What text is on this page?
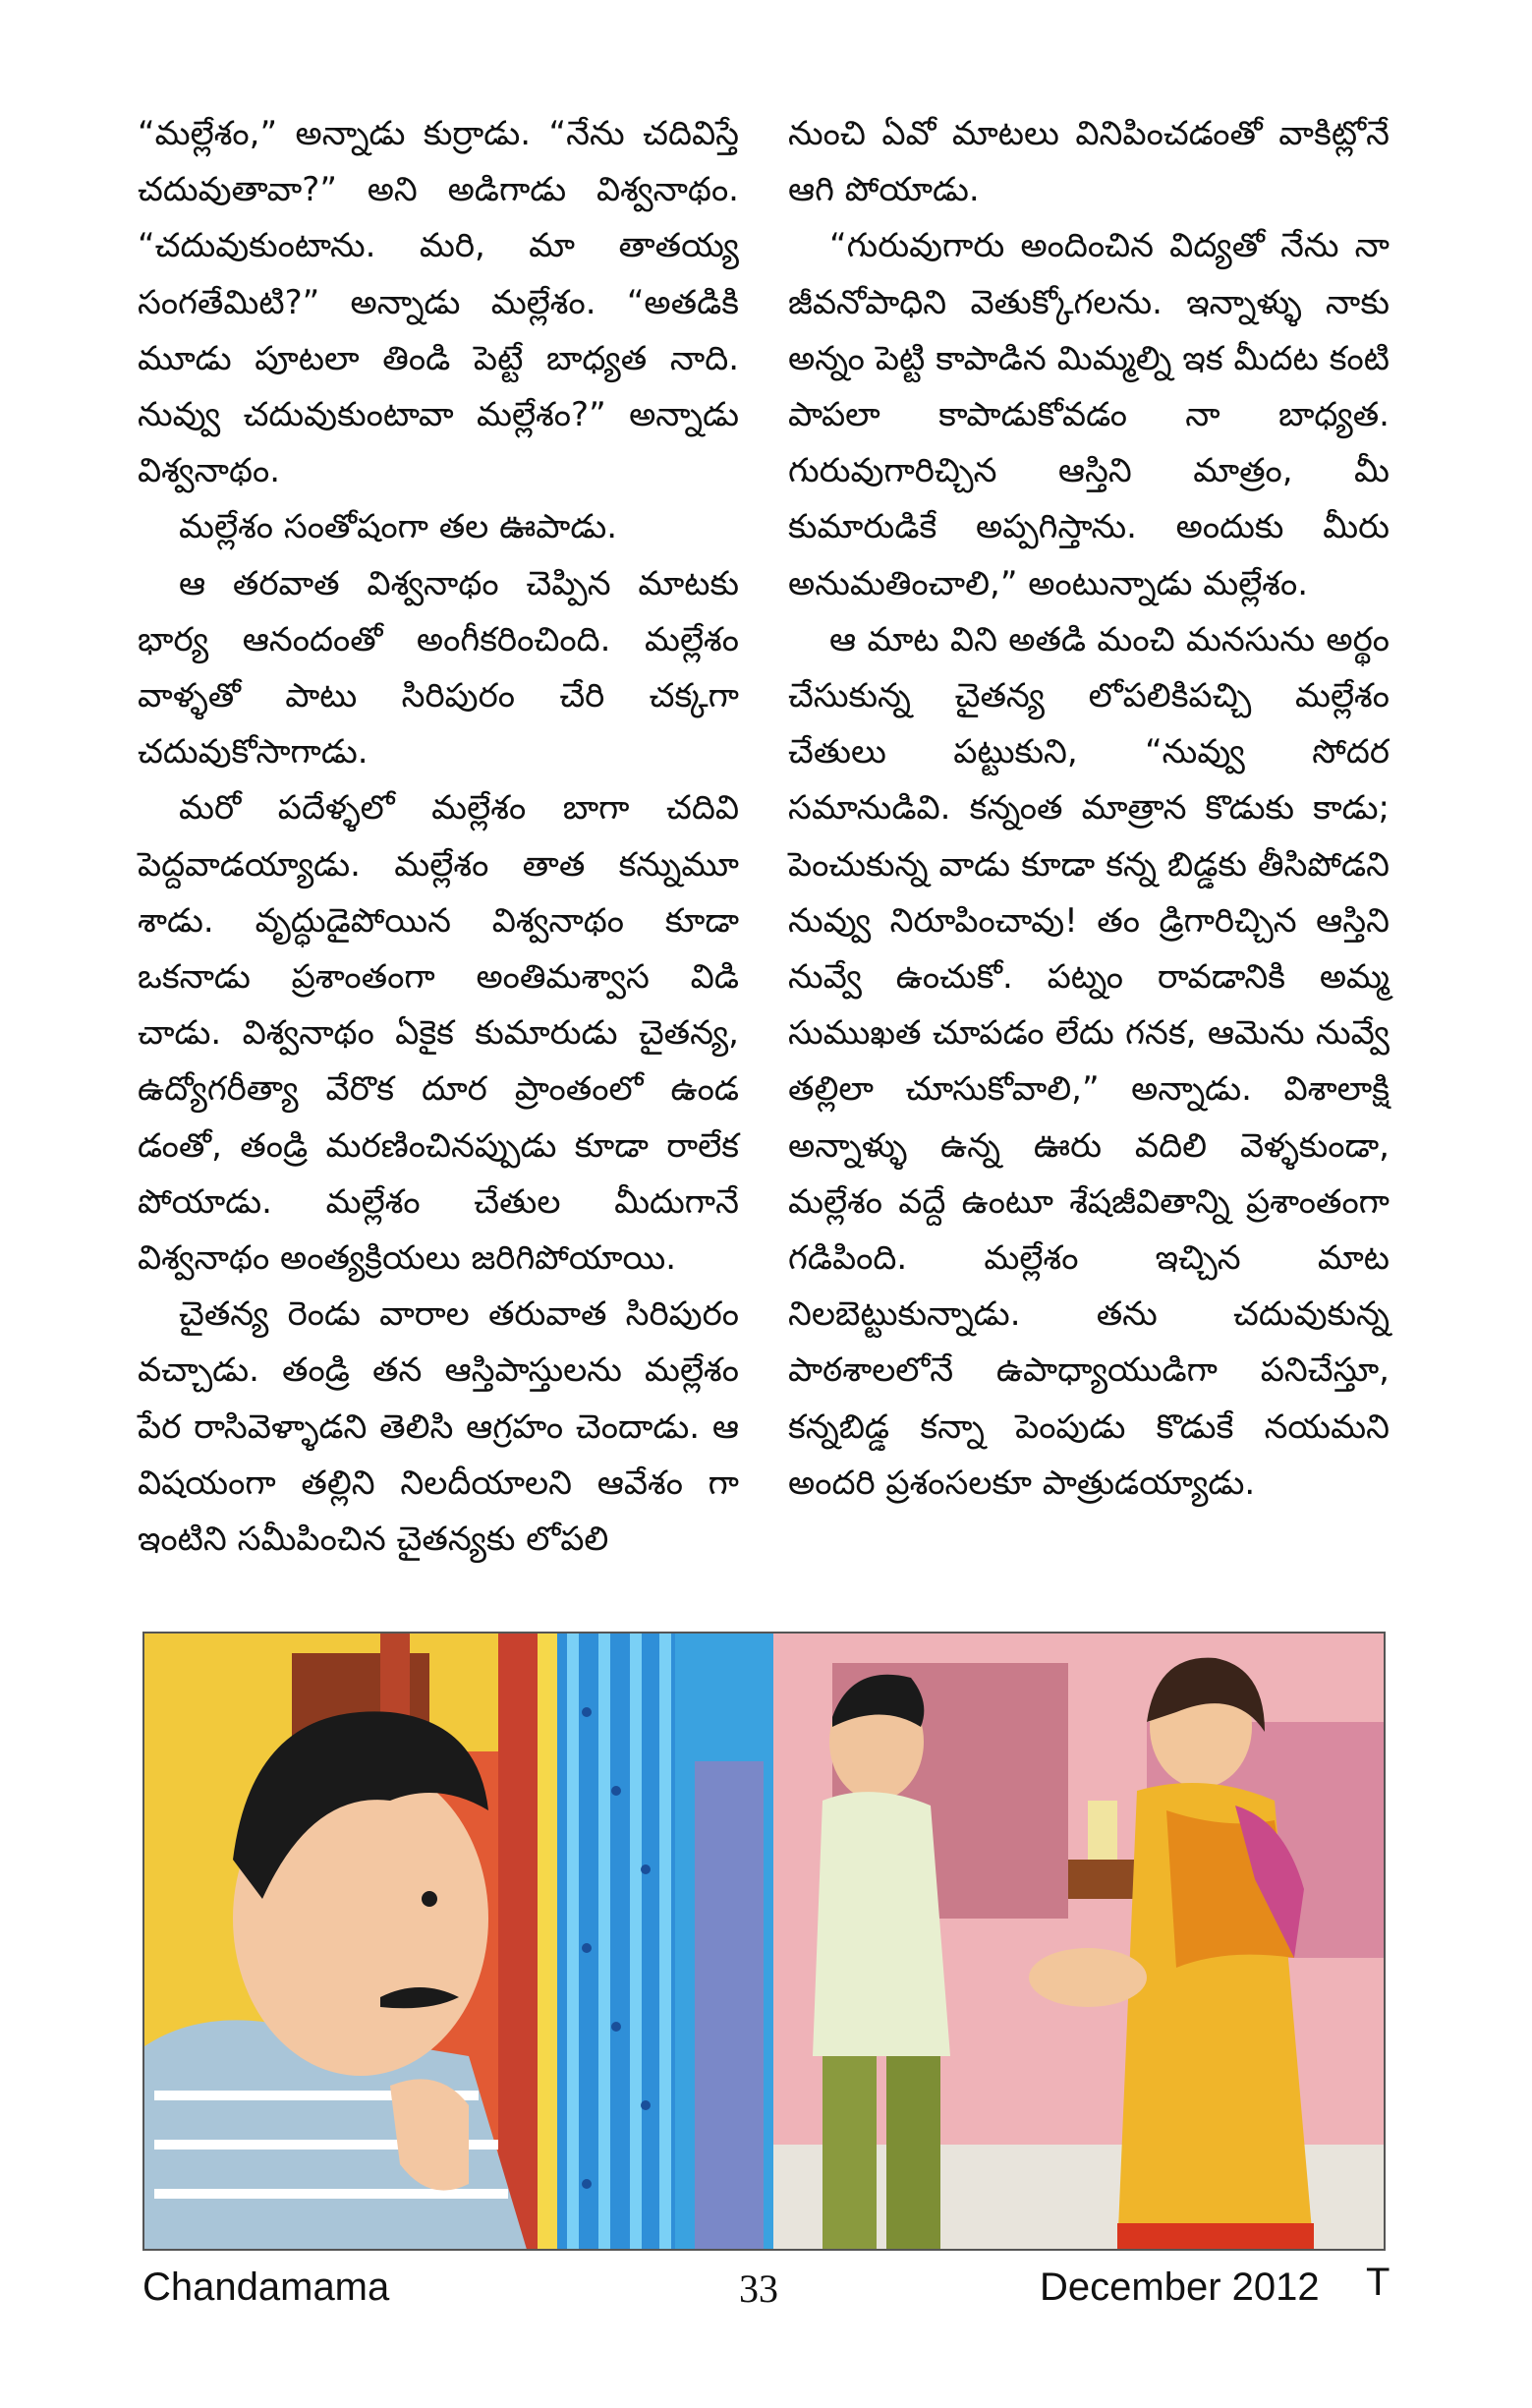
“మల్లేశం,” అన్నాడు కుర్రాడు. “నేను చదివిస్తే చదువుతావా?” అని అడిగాడు విశ్వనాథం. “చదువుకుంటాను. మరి, మా తాతయ్య సంగతేమిటి?” అన్నాడు మల్లేశం. “అతడికి మూడు పూటలా తిండి పెట్టే బాధ్యత నాది. నువ్వు చదువుకుంటావా మల్లేశం?” అన్నాడు విశ్వనాథం.

మల్లేశం సంతోషంగా తల ఊపాడు.

ఆ తరవాత విశ్వనాథం చెప్పిన మాటకు భార్య ఆనందంతో అంగీకరించింది. మల్లేశం వాళ్ళతో పాటు సిరిపురం చేరి చక్కగా చదువుకోసాగాడు.

మరో పదేళ్ళలో మల్లేశం బాగా చదివి పెద్దవాడయ్యాడు. మల్లేశం తాత కన్నుమూ శాడు. వృద్ధుడైపోయిన విశ్వనాథం కూడా ఒకనాడు ప్రశాంతంగా అంతిమశ్వాస విడి చాడు. విశ్వనాథం ఏకైక కుమారుడు చైతన్య, ఉద్యోగరీత్యా వేరొక దూర ప్రాంతంలో ఉండ డంతో, తండ్రి మరణించినప్పుడు కూడా రాలేక పోయాడు. మల్లేశం చేతుల మీదుగానే విశ్వనాథం అంత్యక్రియలు జరిగిపోయాయి.

చైతన్య రెండు వారాల తరువాత సిరిపురం వచ్చాడు. తండ్రి తన ఆస్తిపాస్తులను మల్లేశం పేర రాసివెళ్ళాడని తెలిసి ఆగ్రహం చెందాడు. ఆ విషయంగా తల్లిని నిలదీయాలని ఆవేశం గా ఇంటిని సమీపించిన చైతన్యకు లోపలి

నుంచి ఏవో మాటలు వినిపించడంతో వాకిట్లోనే ఆగి పోయాడు.

“గురువుగారు అందించిన విద్యతో నేను నా జీవనోపాధిని వెతుక్కోగలను. ఇన్నాళ్ళు నాకు అన్నం పెట్టి కాపాడిన మిమ్మల్ని ఇక మీదట కంటి పాపలా కాపాడుకోవడం నా బాధ్యత. గురువుగారిచ్చిన ఆస్తిని మాత్రం, మీ కుమారుడికే అప్పగిస్తాను. అందుకు మీరు అనుమతించాలి,” అంటున్నాడు మల్లేశం.

ఆ మాట విని అతడి మంచి మనసును అర్థం చేసుకున్న చైతన్య లోపలికిపచ్చి మల్లేశం చేతులు పట్టుకుని, “నువ్వు సోదర సమానుడివి. కన్నంత మాత్రాన కొడుకు కాడు; పెంచుకున్న వాడు కూడా కన్న బిడ్డకు తీసిపోడని నువ్వు నిరూపించావు! తం డ్రిగారిచ్చిన ఆస్తిని నువ్వే ఉంచుకో. పట్నం రావడానికి అమ్మ సుముఖత చూపడం లేదు గనక, ఆమెను నువ్వే తల్లిలా చూసుకోవాలి,” అన్నాడు. విశాలాక్షి అన్నాళ్ళు ఉన్న ఊరు వదిలి వెళ్ళకుండా, మల్లేశం వద్దే ఉంటూ శేషజీవితాన్ని ప్రశాంతంగా గడిపింది. మల్లేశం ఇచ్చిన మాట నిలబెట్టుకున్నాడు. తను చదువుకున్న పాఠశాలలోనే ఉపాధ్యాయుడిగా పనిచేస్తూ, కన్నబిడ్డ కన్నా పెంపుడు కొడుకే నయమని అందరి ప్రశంసలకూ పాత్రుడయ్యాడు.

Chandamama	33	December 2012 T
